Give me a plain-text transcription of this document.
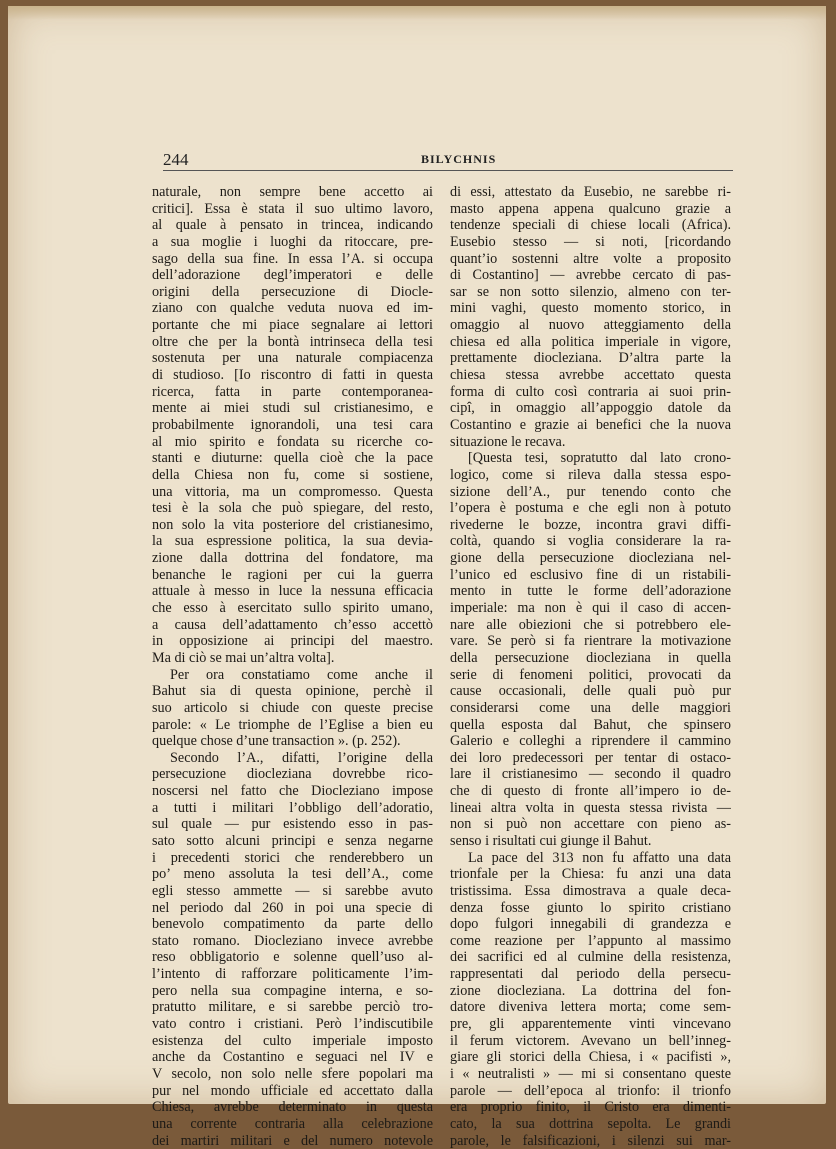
244	BILYCHNIS
naturale, non sempre bene accetto ai
critici]. Essa è stata il suo ultimo lavoro,
al quale à pensato in trincea, indicando
a sua moglie i luoghi da ritoccare, pre-
sago della sua fine. In essa l’A. si occupa
dell’adorazione degl’imperatori e delle
origini della persecuzione di Diocle-
ziano con qualche veduta nuova ed im-
portante che mi piace segnalare ai lettori
oltre che per la bontà intrinseca della tesi
sostenuta per una naturale compiacenza
di studioso. [Io riscontro di fatti in questa
ricerca, fatta in parte contemporanea-
mente ai miei studi sul cristianesimo, e
probabilmente ignorandoli, una tesi cara
al mio spirito e fondata su ricerche co-
stanti e diuturne: quella cioè che la pace
della Chiesa non fu, come si sostiene,
una vittoria, ma un compromesso. Questa
tesi è la sola che può spiegare, del resto,
non solo la vita posteriore del cristianesimo,
la sua espressione politica, la sua devia-
zione dalla dottrina del fondatore, ma
benanche le ragioni per cui la guerra
attuale à messo in luce la nessuna efficacia
che esso à esercitato sullo spirito umano,
a causa dell’adattamento ch’esso accettò
in opposizione ai principi del maestro.
Ma di ciò se mai un’altra volta].
Per ora constatiamo come anche il
Bahut sia di questa opinione, perchè il
suo articolo si chiude con queste precise
parole: « Le triomphe de l’Eglise a bien eu
quelque chose d’une transaction ». (p. 252).
Secondo l’A., difatti, l’origine della
persecuzione diocleziana dovrebbe rico-
noscersi nel fatto che Diocleziano impose
a tutti i militari l’obbligo dell’adoratio,
sul quale — pur esistendo esso in pas-
sato sotto alcuni principi e senza negarne
i precedenti storici che renderebbero un
po’ meno assoluta la tesi dell’A., come
egli stesso ammette — si sarebbe avuto
nel periodo dal 260 in poi una specie di
benevolo compatimento da parte dello
stato romano. Diocleziano invece avrebbe
reso obbligatorio e solenne quell’uso al-
l’intento di rafforzare politicamente l’im-
pero nella sua compagine interna, e so-
pratutto militare, e si sarebbe perciò tro-
vato contro i cristiani. Però l’indiscutibile
esistenza del culto imperiale imposto
anche da Costantino e seguaci nel IV e
V secolo, non solo nelle sfere popolari ma
pur nel mondo ufficiale ed accettato dalla
Chiesa, avrebbe determinato in questa
una corrente contraria alla celebrazione
dei martiri militari e del numero notevole
di essi, attestato da Eusebio, ne sarebbe ri-
masto appena appena qualcuno grazie a
tendenze speciali di chiese locali (Africa).
Eusebio stesso — si noti, [ricordando
quant’io sostenni altre volte a proposito
di Costantino] — avrebbe cercato di pas-
sar se non sotto silenzio, almeno con ter-
mini vaghi, questo momento storico, in
omaggio al nuovo atteggiamento della
chiesa ed alla politica imperiale in vigore,
prettamente diocleziana. D’altra parte la
chiesa stessa avrebbe accettato questa
forma di culto così contraria ai suoi prin-
cipî, in omaggio all’appoggio datole da
Costantino e grazie ai benefici che la nuova
situazione le recava.
[Questa tesi, sopratutto dal lato crono-
logico, come si rileva dalla stessa espo-
sizione dell’A., pur tenendo conto che
l’opera è postuma e che egli non à potuto
rivederne le bozze, incontra gravi diffi-
coltà, quando si voglia considerare la ra-
gione della persecuzione diocleziana nel-
l’unico ed esclusivo fine di un ristabili-
mento in tutte le forme dell’adorazione
imperiale: ma non è qui il caso di accen-
nare alle obiezioni che si potrebbero ele-
vare. Se però si fa rientrare la motivazione
della persecuzione diocleziana in quella
serie di fenomeni politici, provocati da
cause occasionali, delle quali può pur
considerarsi come una delle maggiori
quella esposta dal Bahut, che spinsero
Galerio e colleghi a riprendere il cammino
dei loro predecessori per tentar di ostaco-
lare il cristianesimo — secondo il quadro
che di questo di fronte all’impero io de-
lineai altra volta in questa stessa rivista —
non si può non accettare con pieno as-
senso i risultati cui giunge il Bahut.
La pace del 313 non fu affatto una data
trionfale per la Chiesa: fu anzi una data
tristissima. Essa dimostrava a quale deca-
denza fosse giunto lo spirito cristiano
dopo fulgori innegabili di grandezza e
come reazione per l’appunto al massimo
dei sacrifici ed al culmine della resistenza,
rappresentati dal periodo della persecu-
zione diocleziana. La dottrina del fon-
datore diveniva lettera morta; come sem-
pre, gli apparentemente vinti vincevano
il ferum victorem. Avevano un bell’inneg-
giare gli storici della Chiesa, i « pacifisti »,
i « neutralisti » — mi si consentano queste
parole — dell’epoca al trionfo: il trionfo
era proprio finito, il Cristo era dimenti-
cato, la sua dottrina sepolta. Le grandi
parole, le falsificazioni, i silenzi sui mar-
